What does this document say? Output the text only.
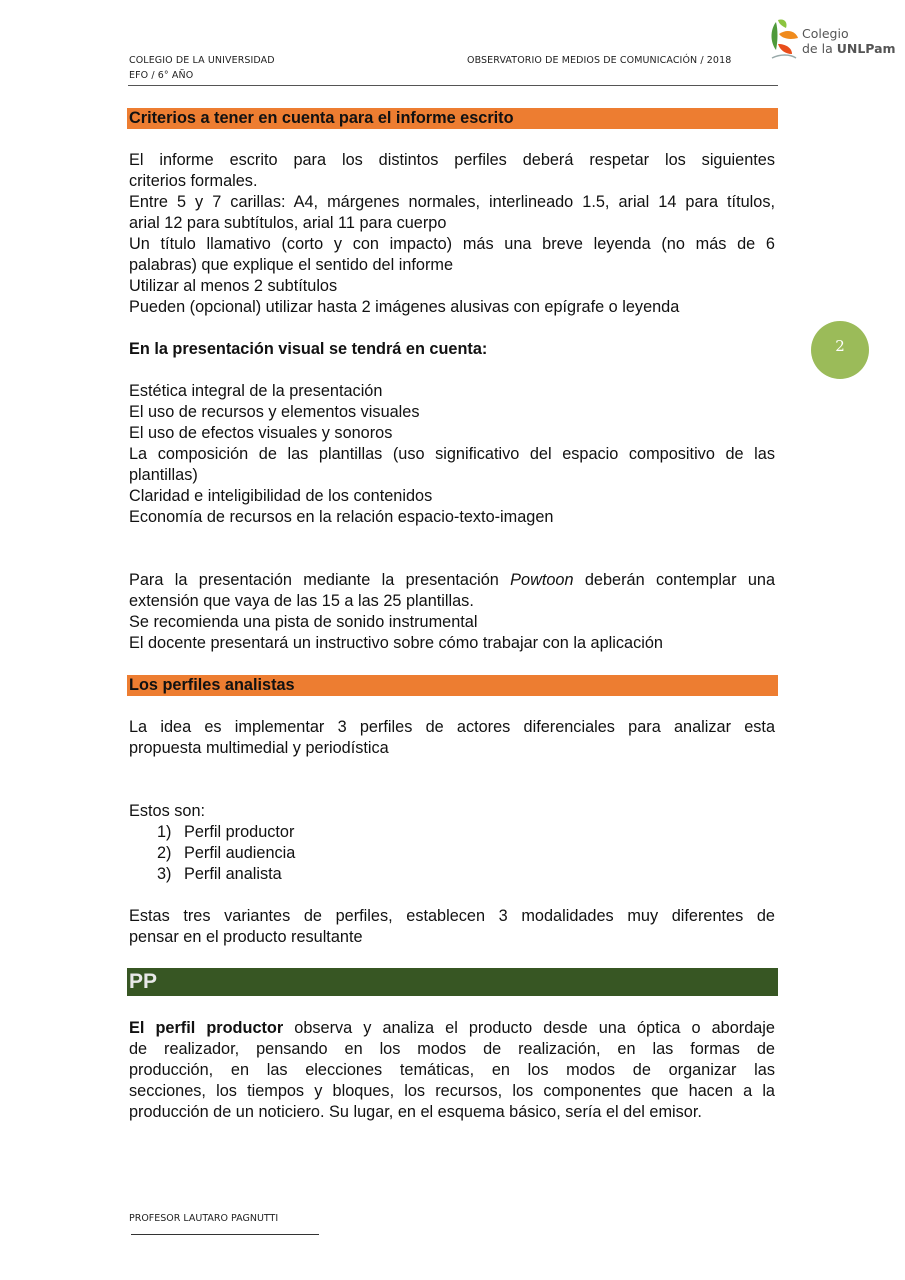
COLEGIO DE LA UNIVERSIDAD
EFO / 6° AÑO
OBSERVATORIO DE MEDIOS DE COMUNICACIÓN / 2018
Colegio
de la UNLPam
2
Criterios a tener en cuenta para el informe escrito

El informe escrito para los distintos perfiles deberá respetar los siguientes

criterios formales.

Entre 5 y 7 carillas: A4, márgenes normales, interlineado 1.5, arial 14 para títulos,

arial 12 para subtítulos, arial 11 para cuerpo

Un título llamativo (corto y con impacto) más una breve leyenda (no más de 6

palabras) que explique el sentido del informe

Utilizar al menos 2 subtítulos

Pueden (opcional) utilizar hasta 2 imágenes alusivas con epígrafe o leyenda

En la presentación visual se tendrá en cuenta:

Estética integral de la presentación

El uso de recursos y elementos visuales

El uso de efectos visuales y sonoros

La composición de las plantillas (uso significativo del espacio compositivo de las

plantillas)

Claridad e inteligibilidad de los contenidos

Economía de recursos en la relación espacio-texto-imagen

Para la presentación mediante la presentación Powtoon deberán contemplar una

extensión que vaya de las 15 a las 25 plantillas.

Se recomienda una pista de sonido instrumental

El docente presentará un instructivo sobre cómo trabajar con la aplicación

Los perfiles analistas

La idea es implementar 3 perfiles de actores diferenciales para analizar esta

propuesta multimedial y periodística

Estos son:

1) Perfil productor
2) Perfil audiencia
3) Perfil analista

Estas tres variantes de perfiles, establecen 3 modalidades muy diferentes de

pensar en el producto resultante

PP

El perfil productor observa y analiza el producto desde una óptica o abordaje

de realizador, pensando en los modos de realización, en las formas de

producción, en las elecciones temáticas, en los modos de organizar las

secciones, los tiempos y bloques, los recursos, los componentes que hacen a la

producción de un noticiero. Su lugar, en el esquema básico, sería el del emisor.

PROFESOR LAUTARO PAGNUTTI
